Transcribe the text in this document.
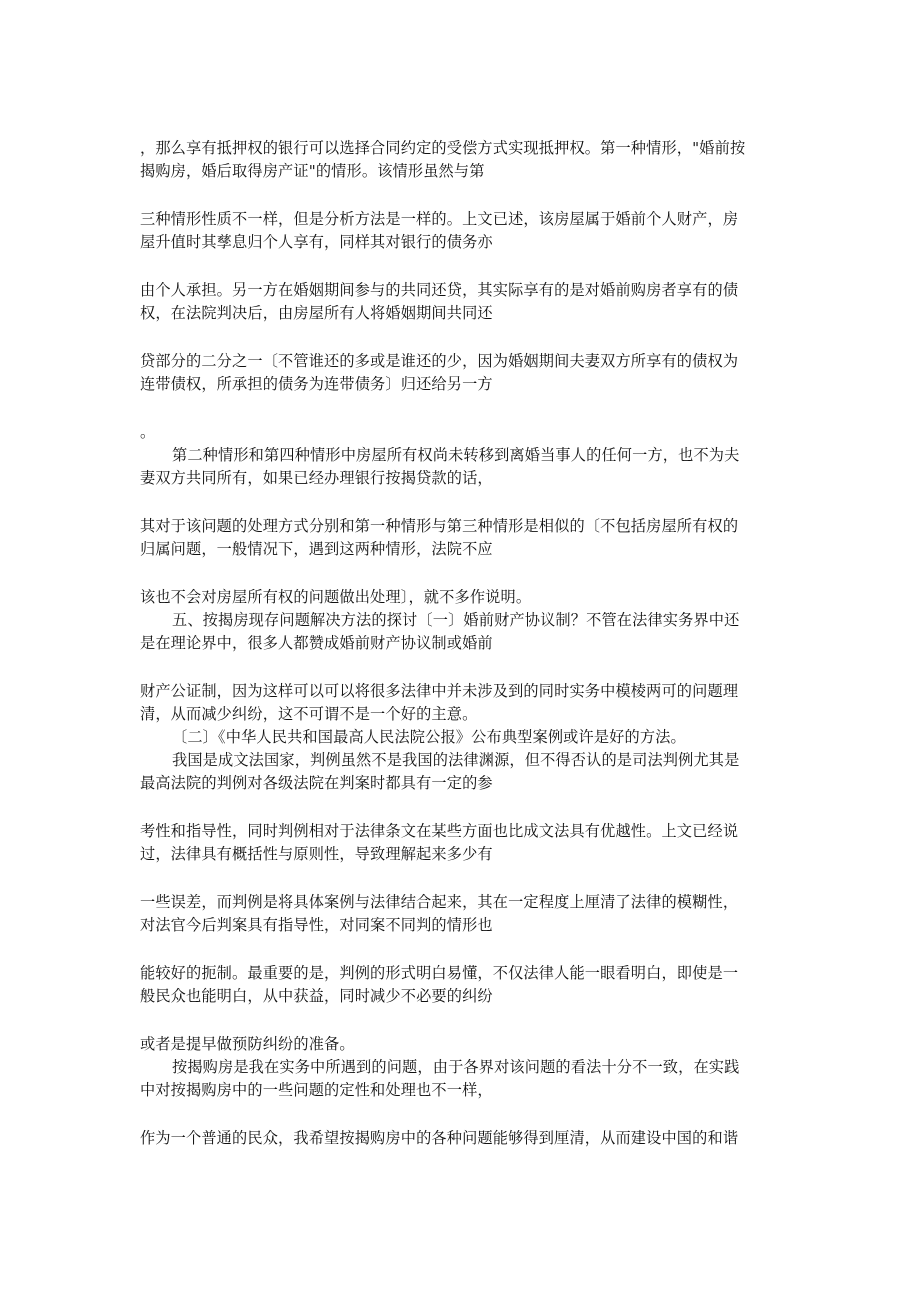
，那么享有抵押权的银行可以选择合同约定的受偿方式实现抵押权。第一种情形，"婚前按
揭购房，婚后取得房产证"的情形。该情形虽然与第
三种情形性质不一样，但是分析方法是一样的。上文已述，该房屋属于婚前个人财产，房
屋升值时其孳息归个人享有，同样其对银行的债务亦
由个人承担。另一方在婚姻期间参与的共同还贷，其实际享有的是对婚前购房者享有的债
权，在法院判决后，由房屋所有人将婚姻期间共同还
贷部分的二分之一〔不管谁还的多或是谁还的少，因为婚姻期间夫妻双方所享有的债权为
连带债权，所承担的债务为连带债务〕归还给另一方
。
第二种情形和第四种情形中房屋所有权尚未转移到离婚当事人的任何一方，也不为夫
妻双方共同所有，如果已经办理银行按揭贷款的话，
其对于该问题的处理方式分别和第一种情形与第三种情形是相似的〔不包括房屋所有权的
归属问题，一般情况下，遇到这两种情形，法院不应
该也不会对房屋所有权的问题做出处理〕，就不多作说明。
五、按揭房现存问题解决方法的探讨〔一〕婚前财产协议制？不管在法律实务界中还
是在理论界中，很多人都赞成婚前财产协议制或婚前
财产公证制，因为这样可以可以将很多法律中并未涉及到的同时实务中模棱两可的问题理
清，从而减少纠纷，这不可谓不是一个好的主意。
〔二〕《中华人民共和国最高人民法院公报》公布典型案例或许是好的方法。
我国是成文法国家，判例虽然不是我国的法律渊源，但不得否认的是司法判例尤其是
最高法院的判例对各级法院在判案时都具有一定的参
考性和指导性，同时判例相对于法律条文在某些方面也比成文法具有优越性。上文已经说
过，法律具有概括性与原则性，导致理解起来多少有
一些误差，而判例是将具体案例与法律结合起来，其在一定程度上厘清了法律的模糊性，
对法官今后判案具有指导性，对同案不同判的情形也
能较好的扼制。最重要的是，判例的形式明白易懂，不仅法律人能一眼看明白，即使是一
般民众也能明白，从中获益，同时减少不必要的纠纷
或者是提早做预防纠纷的准备。
按揭购房是我在实务中所遇到的问题，由于各界对该问题的看法十分不一致，在实践
中对按揭购房中的一些问题的定性和处理也不一样，
作为一个普通的民众，我希望按揭购房中的各种问题能够得到厘清，从而建设中国的和谐
